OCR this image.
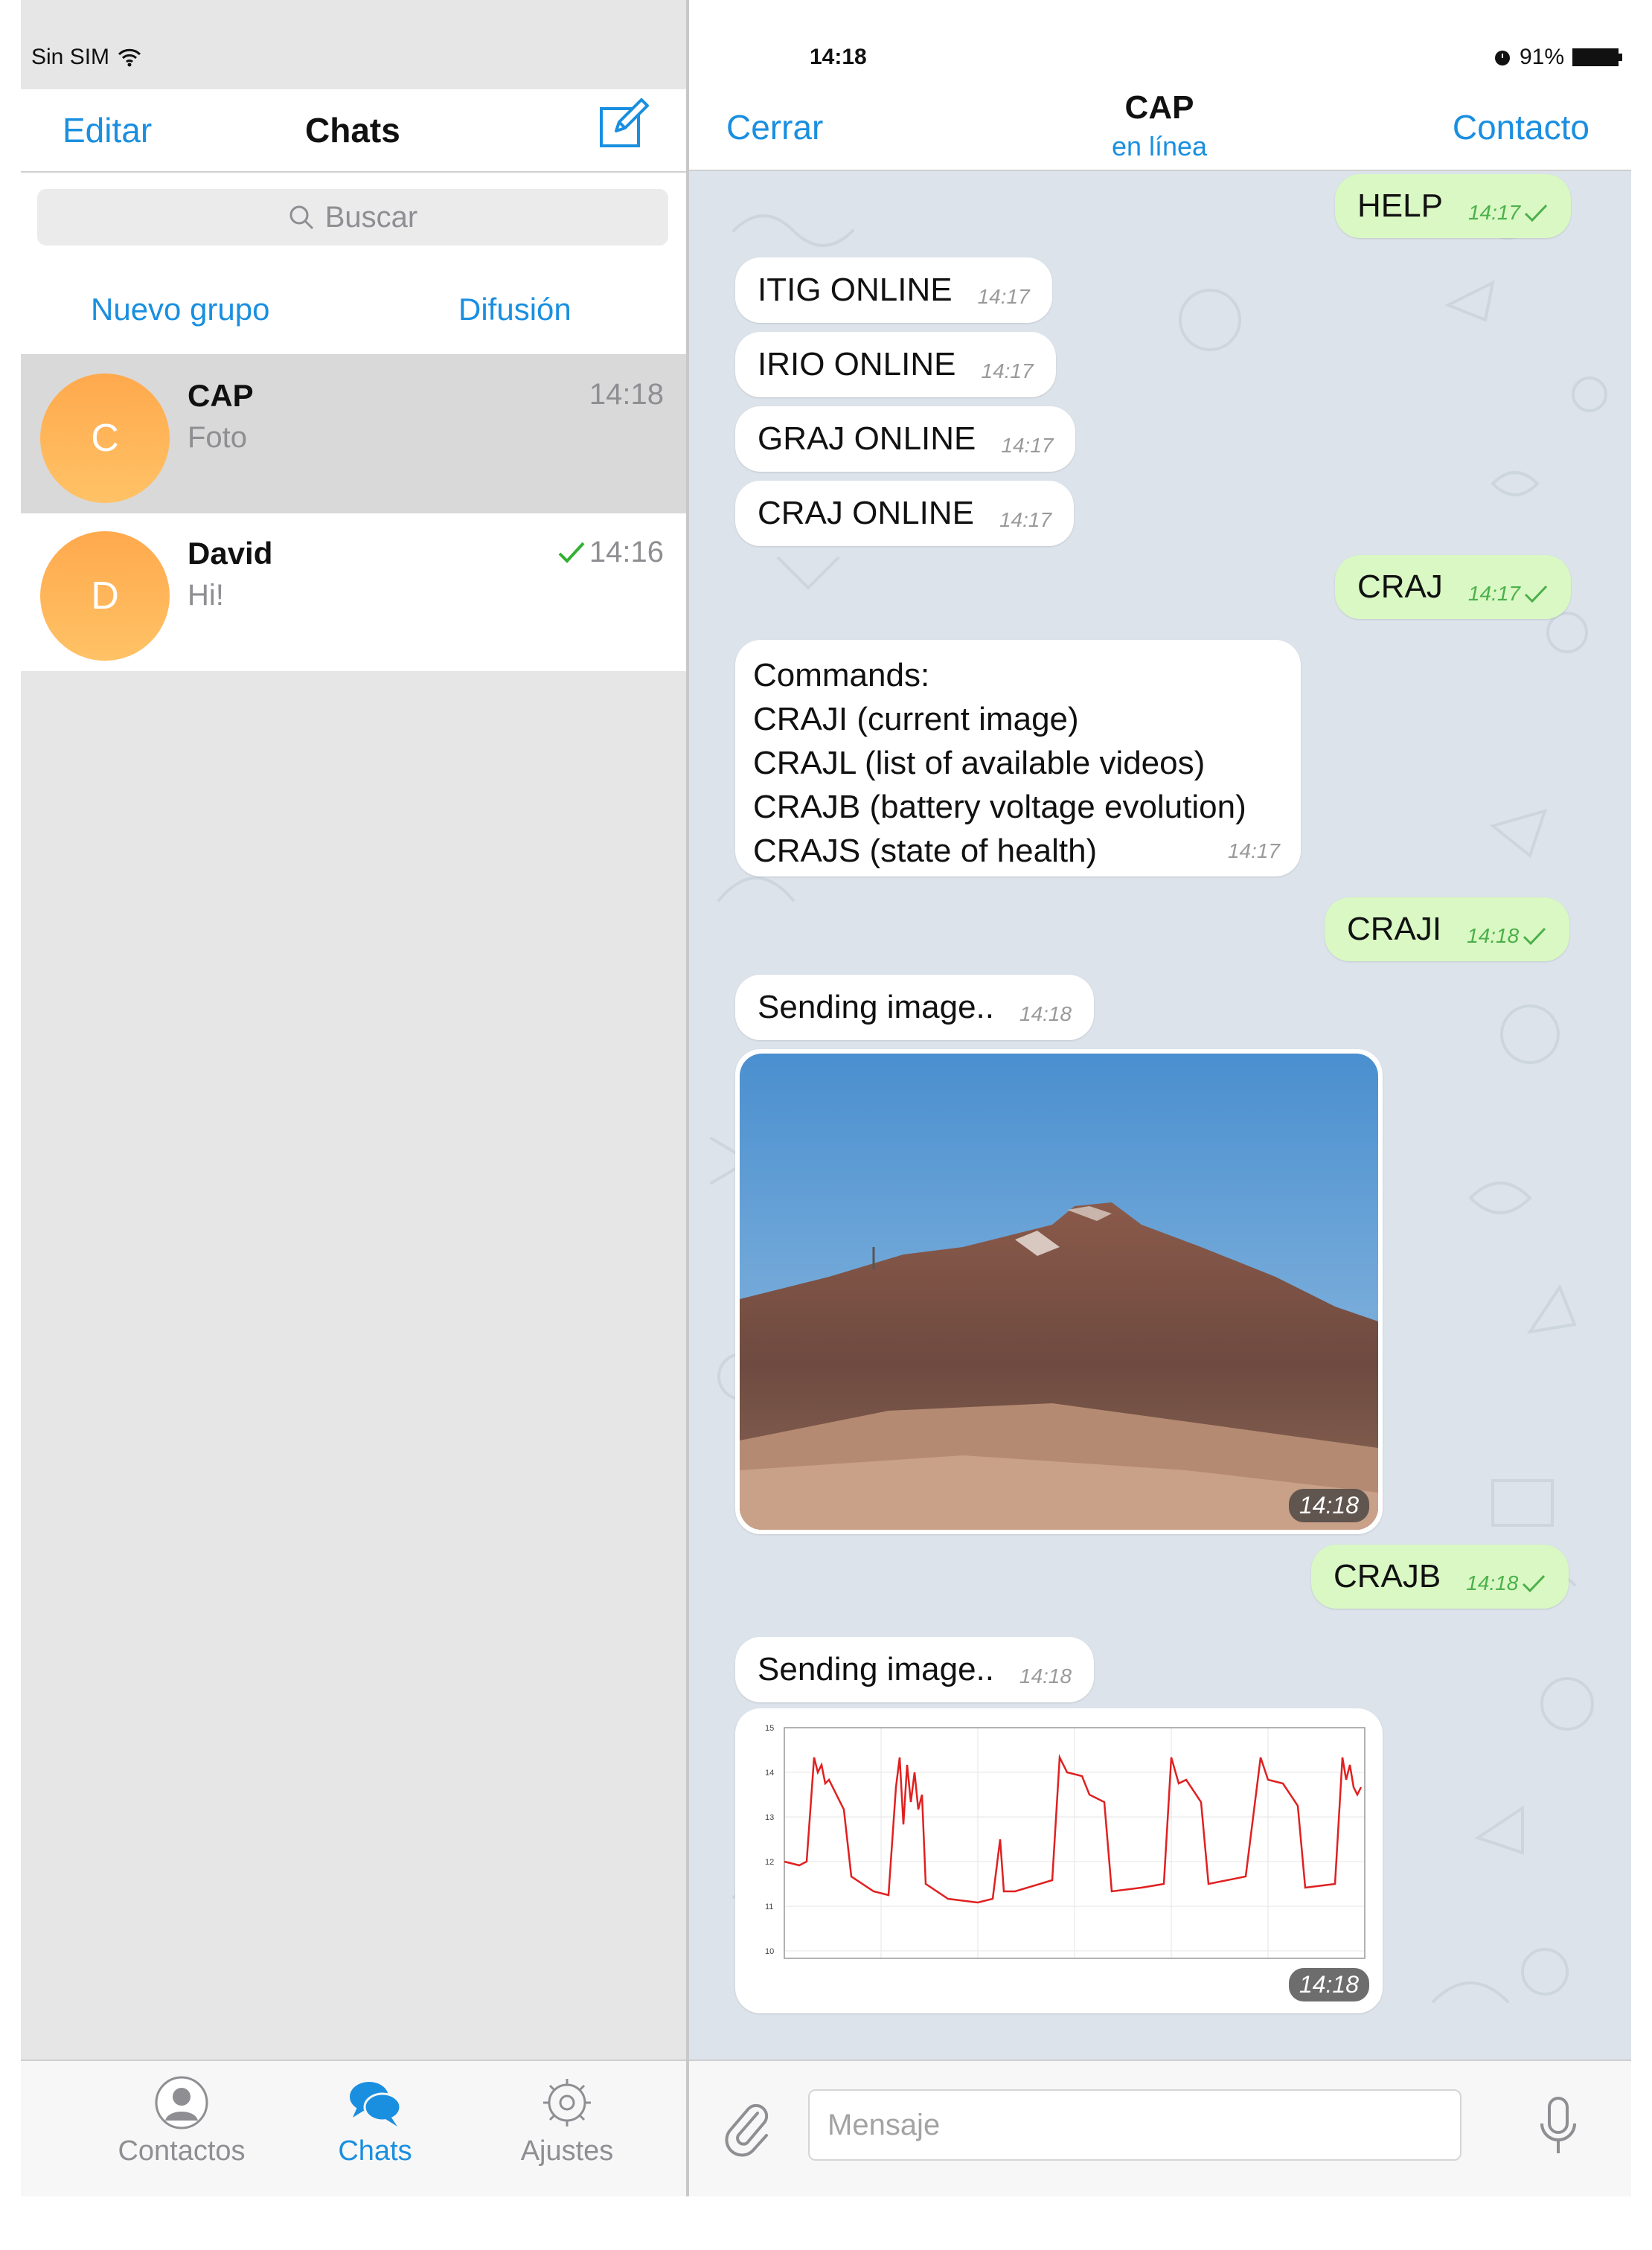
Sin SIM
Editar	Chats
Buscar
Nuevo grupo	Difusión
C
CAP
Foto
14:18
D
David
Hi!
14:16
Contactos	Chats	Ajustes
14:18	91%
Cerrar
CAP
en línea	Contacto
HELP 14:17
ITIG ONLINE 14:17
IRIO ONLINE 14:17
GRAJ ONLINE 14:17
CRAJ ONLINE 14:17
CRAJ 14:17
Commands:
CRAJI (current image)
CRAJL (list of available videos)
CRAJB (battery voltage evolution)
CRAJS (state of health)	14:17
CRAJI 14:18
Sending image.. 14:18
14:18
CRAJB 14:18
Sending image.. 14:18
15
14
13
12
11
10
14:18
Mensaje
